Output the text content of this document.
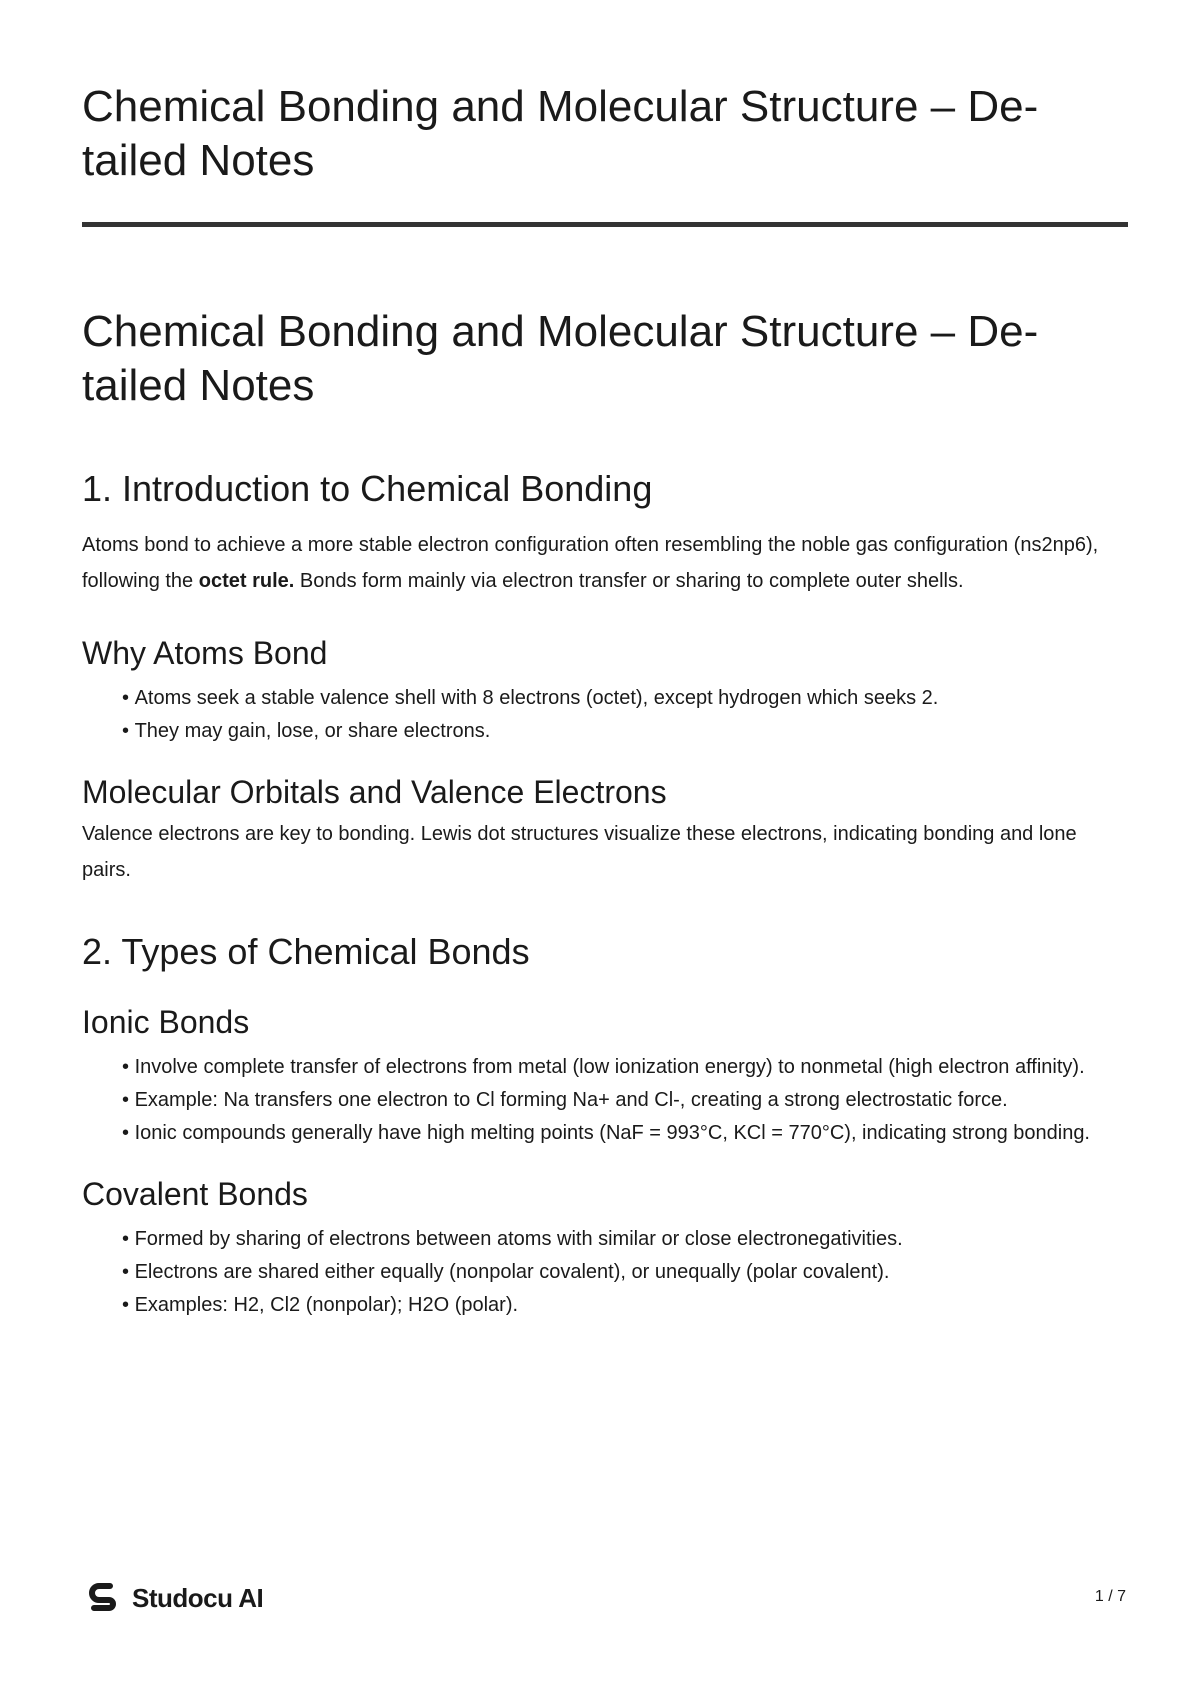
Chemical Bonding and Molecular Structure – De-tailed Notes
Chemical Bonding and Molecular Structure – De-tailed Notes
1. Introduction to Chemical Bonding

Atoms bond to achieve a more stable electron configuration often resembling the noble gas configuration (ns2np6), following the octet rule. Bonds form mainly via electron transfer or sharing to complete outer shells.

Why Atoms Bond
• Atoms seek a stable valence shell with 8 electrons (octet), except hydrogen which seeks 2.
• They may gain, lose, or share electrons.
Molecular Orbitals and Valence Electrons

Valence electrons are key to bonding. Lewis dot structures visualize these electrons, indicating bonding and lone pairs.

2. Types of Chemical Bonds
Ionic Bonds
• Involve complete transfer of electrons from metal (low ionization energy) to nonmetal (high electron affinity).
• Example: Na transfers one electron to Cl forming Na+ and Cl-, creating a strong electrostatic force.
• Ionic compounds generally have high melting points (NaF = 993°C, KCl = 770°C), indicating strong bonding.
Covalent Bonds
• Formed by sharing of electrons between atoms with similar or close electronegativities.
• Electrons are shared either equally (nonpolar covalent), or unequally (polar covalent).
• Examples: H2, Cl2 (nonpolar); H2O (polar).
Studocu AI	1 / 7
